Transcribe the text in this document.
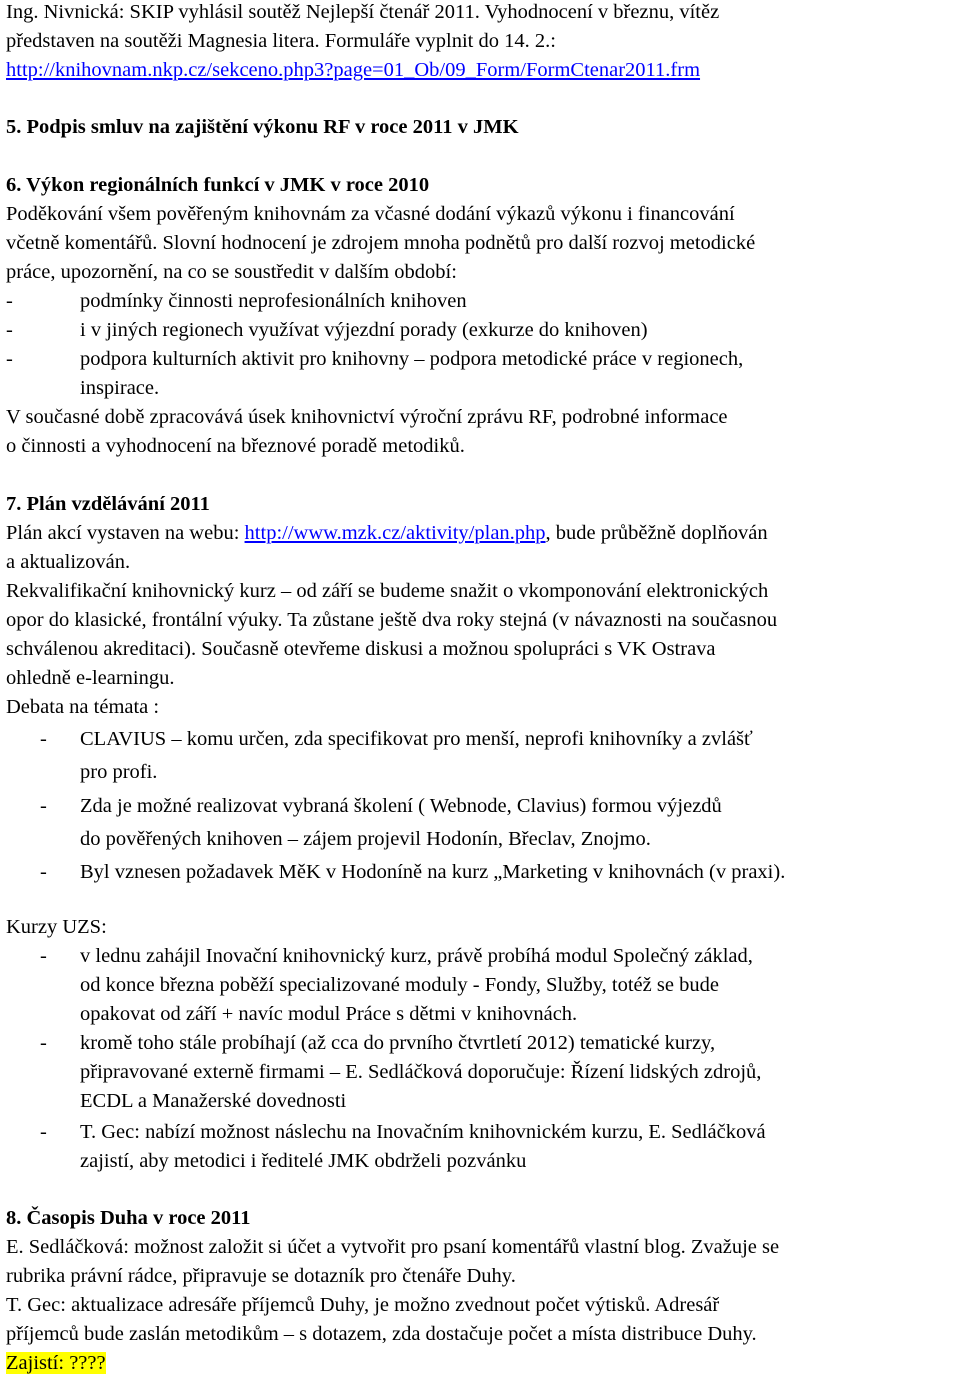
Ing. Nivnická: SKIP vyhlásil soutěž Nejlepší čtenář 2011. Vyhodnocení v březnu, vítěz
představen na soutěži Magnesia litera. Formuláře vyplnit do 14. 2.:
http://knihovnam.nkp.cz/sekceno.php3?page=01_Ob/09_Form/FormCtenar2011.frm
5. Podpis smluv na zajištění výkonu RF v roce 2011 v JMK
6. Výkon regionálních funkcí v JMK v roce 2010
Poděkování všem pověřeným knihovnám za včasné dodání výkazů výkonu i financování
včetně komentářů. Slovní hodnocení je zdrojem mnoha podnětů pro další rozvoj metodické
práce, upozornění, na co se soustředit v dalším období:
-	podmínky činnosti neprofesionálních knihoven
-	i v jiných regionech využívat výjezdní porady (exkurze do knihoven)
-	podpora kulturních aktivit pro knihovny – podpora metodické práce v regionech,
inspirace.
V současné době zpracovává úsek knihovnictví výroční zprávu RF, podrobné informace
o činnosti a vyhodnocení na březnové poradě metodiků.
7. Plán vzdělávání 2011
Plán akcí vystaven na webu: http://www.mzk.cz/aktivity/plan.php, bude průběžně doplňován
a aktualizován.
Rekvalifikační knihovnický kurz – od září se budeme snažit o vkomponování elektronických
opor do klasické, frontální výuky. Ta zůstane ještě dva roky stejná (v návaznosti na současnou
schválenou akreditaci). Současně otevřeme diskusi a možnou spolupráci s VK Ostrava
ohledně e-learningu.
Debata na témata :
- CLAVIUS – komu určen, zda specifikovat pro menší, neprofi knihovníky a zvlášť
pro profi.
- Zda je možné realizovat vybraná školení ( Webnode, Clavius) formou výjezdů
do pověřených knihoven – zájem projevil Hodonín, Břeclav, Znojmo.
- Byl vznesen požadavek MěK v Hodoníně na kurz „Marketing v knihovnách (v praxi).
Kurzy UZS:
- v lednu zahájil Inovační knihovnický kurz, právě probíhá modul Společný základ,
od konce března poběží specializované moduly - Fondy, Služby, totéž se bude
opakovat od září + navíc modul Práce s dětmi v knihovnách.
- kromě toho stále probíhají (až cca do prvního čtvrtletí 2012) tematické kurzy,
připravované externě firmami – E. Sedláčková doporučuje: Řízení lidských zdrojů,
ECDL a Manažerské dovednosti
- T. Gec: nabízí možnost náslechu na Inovačním knihovnickém kurzu, E. Sedláčková
zajistí, aby metodici i ředitelé JMK obdrželi pozvánku
8. Časopis Duha v roce 2011
E. Sedláčková: možnost založit si účet a vytvořit pro psaní komentářů vlastní blog. Zvažuje se
rubrika právní rádce, připravuje se dotazník pro čtenáře Duhy.
T. Gec: aktualizace adresáře příjemců Duhy, je možno zvednout počet výtisků. Adresář
příjemců bude zaslán metodikům – s dotazem, zda dostačuje počet a místa distribuce Duhy.
Zajistí: ????
